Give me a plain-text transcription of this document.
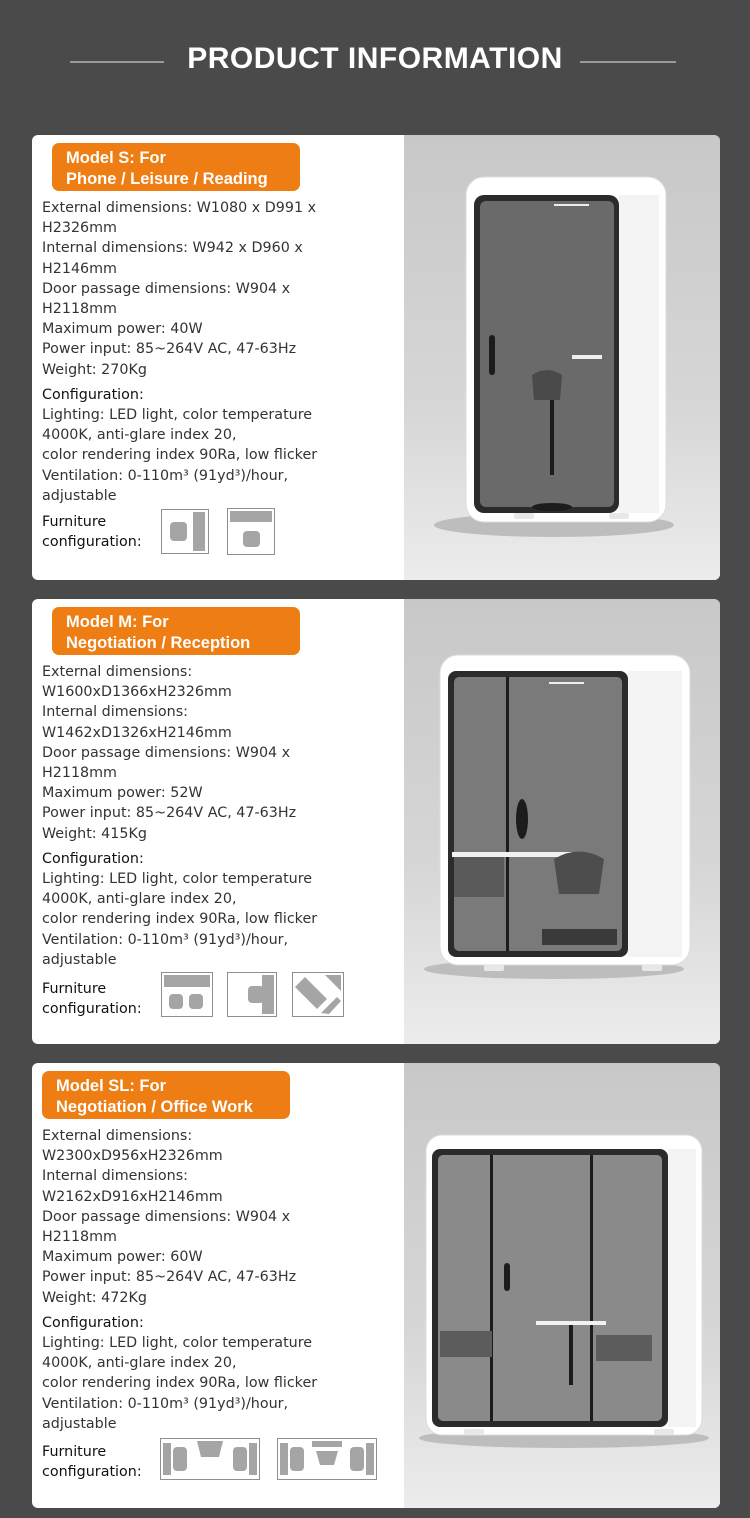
PRODUCT INFORMATION
Model S: For
Phone / Leisure / Reading

External dimensions: W1080 x D991 x

H2326mm

Internal dimensions: W942 x D960 x

H2146mm

Door passage dimensions: W904 x

H2118mm

Maximum power: 40W

Power input: 85~264V AC, 47-63Hz

Weight: 270Kg

Configuration:

Lighting: LED light, color temperature

4000K, anti-glare index 20,

color rendering index 90Ra, low flicker

Ventilation: 0-110m³ (91yd³)/hour,

adjustable

Furniture
configuration:
Model M: For
Negotiation / Reception

External dimensions:

W1600xD1366xH2326mm

Internal dimensions:

W1462xD1326xH2146mm

Door passage dimensions: W904 x

H2118mm

Maximum power: 52W

Power input: 85~264V AC, 47-63Hz

Weight: 415Kg

Configuration:

Lighting: LED light, color temperature

4000K, anti-glare index 20,

color rendering index 90Ra, low flicker

Ventilation: 0-110m³ (91yd³)/hour,

adjustable

Furniture
configuration:
Model SL: For
Negotiation / Office Work

External dimensions:

W2300xD956xH2326mm

Internal dimensions:

W2162xD916xH2146mm

Door passage dimensions: W904 x

H2118mm

Maximum power: 60W

Power input: 85~264V AC, 47-63Hz

Weight: 472Kg

Configuration:

Lighting: LED light, color temperature

4000K, anti-glare index 20,

color rendering index 90Ra, low flicker

Ventilation: 0-110m³ (91yd³)/hour,

adjustable

Furniture
configuration:
